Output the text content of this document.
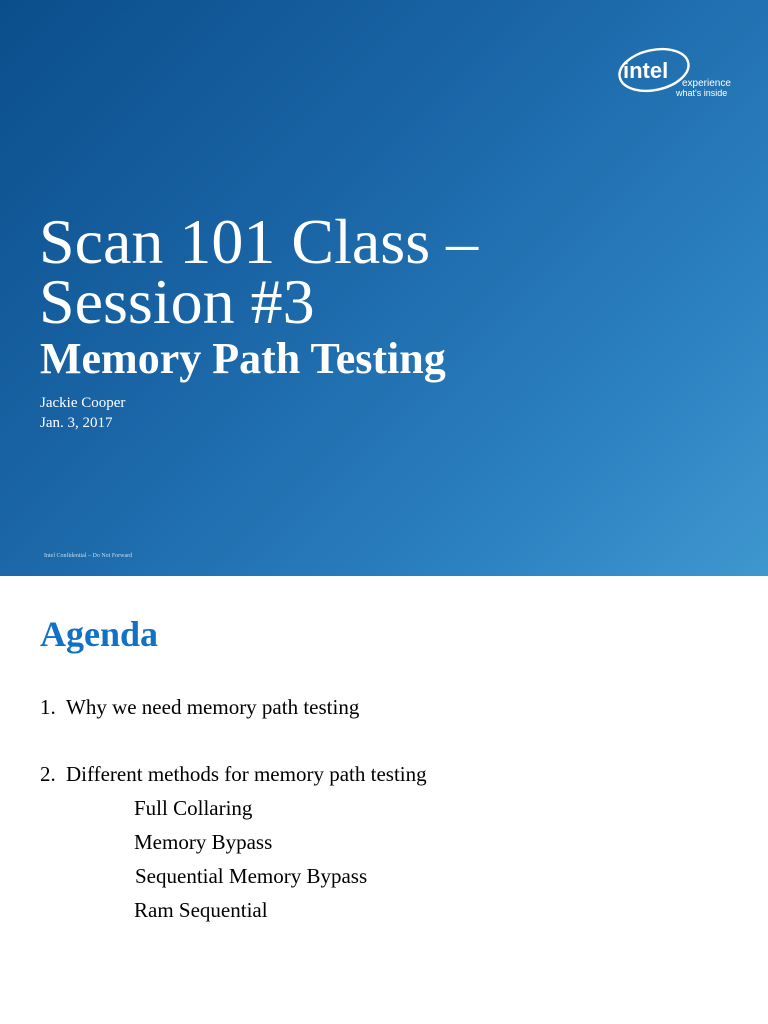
intel
experience
what's inside
Scan 101 Class –
Session #3
Memory Path Testing
Jackie Cooper
Jan. 3, 2017
Intel Confidential – Do Not Forward
Agenda

1. Why we need memory path testing

2. Different methods for memory path testing

Full Collaring
Memory Bypass
Sequential Memory Bypass
Ram Sequential
